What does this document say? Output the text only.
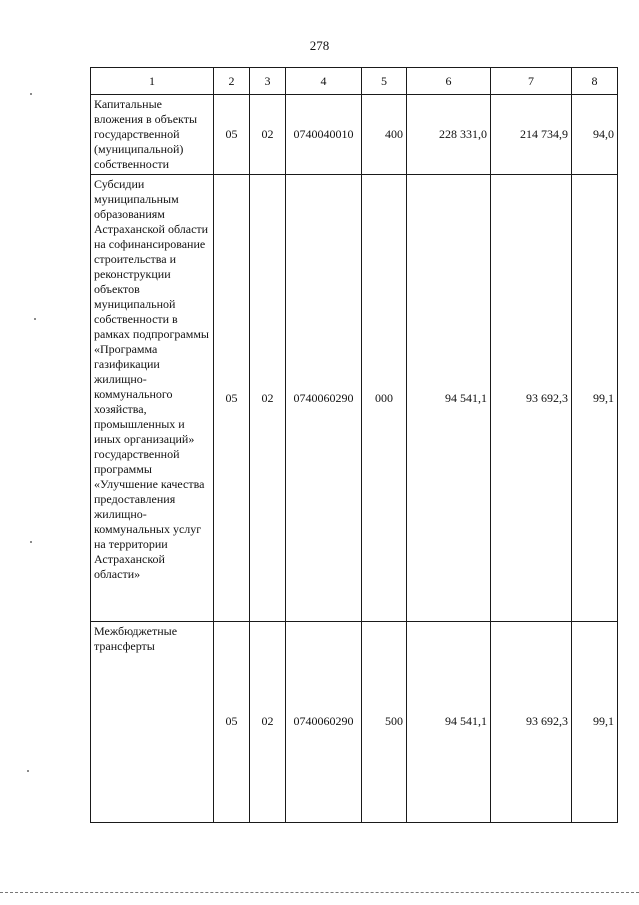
278
1	2	3	4	5	6	7	8
Капитальные вложения в объекты государственной (муниципальной) собственности	05	02	0740040010	400	228 331,0	214 734,9	94,0
Субсидии муниципальным образованиям Астраханской области на софинансирование строительства и реконструкции объектов муниципальной собственности в рамках подпрограммы «Программа газификации жилищно-коммунального хозяйства, промышленных и иных организаций» государственной программы «Улучшение качества предоставления жилищно-коммунальных услуг на территории Астраханской области»	05	02	0740060290	000	94 541,1	93 692,3	99,1
Межбюджетные трансферты	05	02	0740060290	500	94 541,1	93 692,3	99,1
